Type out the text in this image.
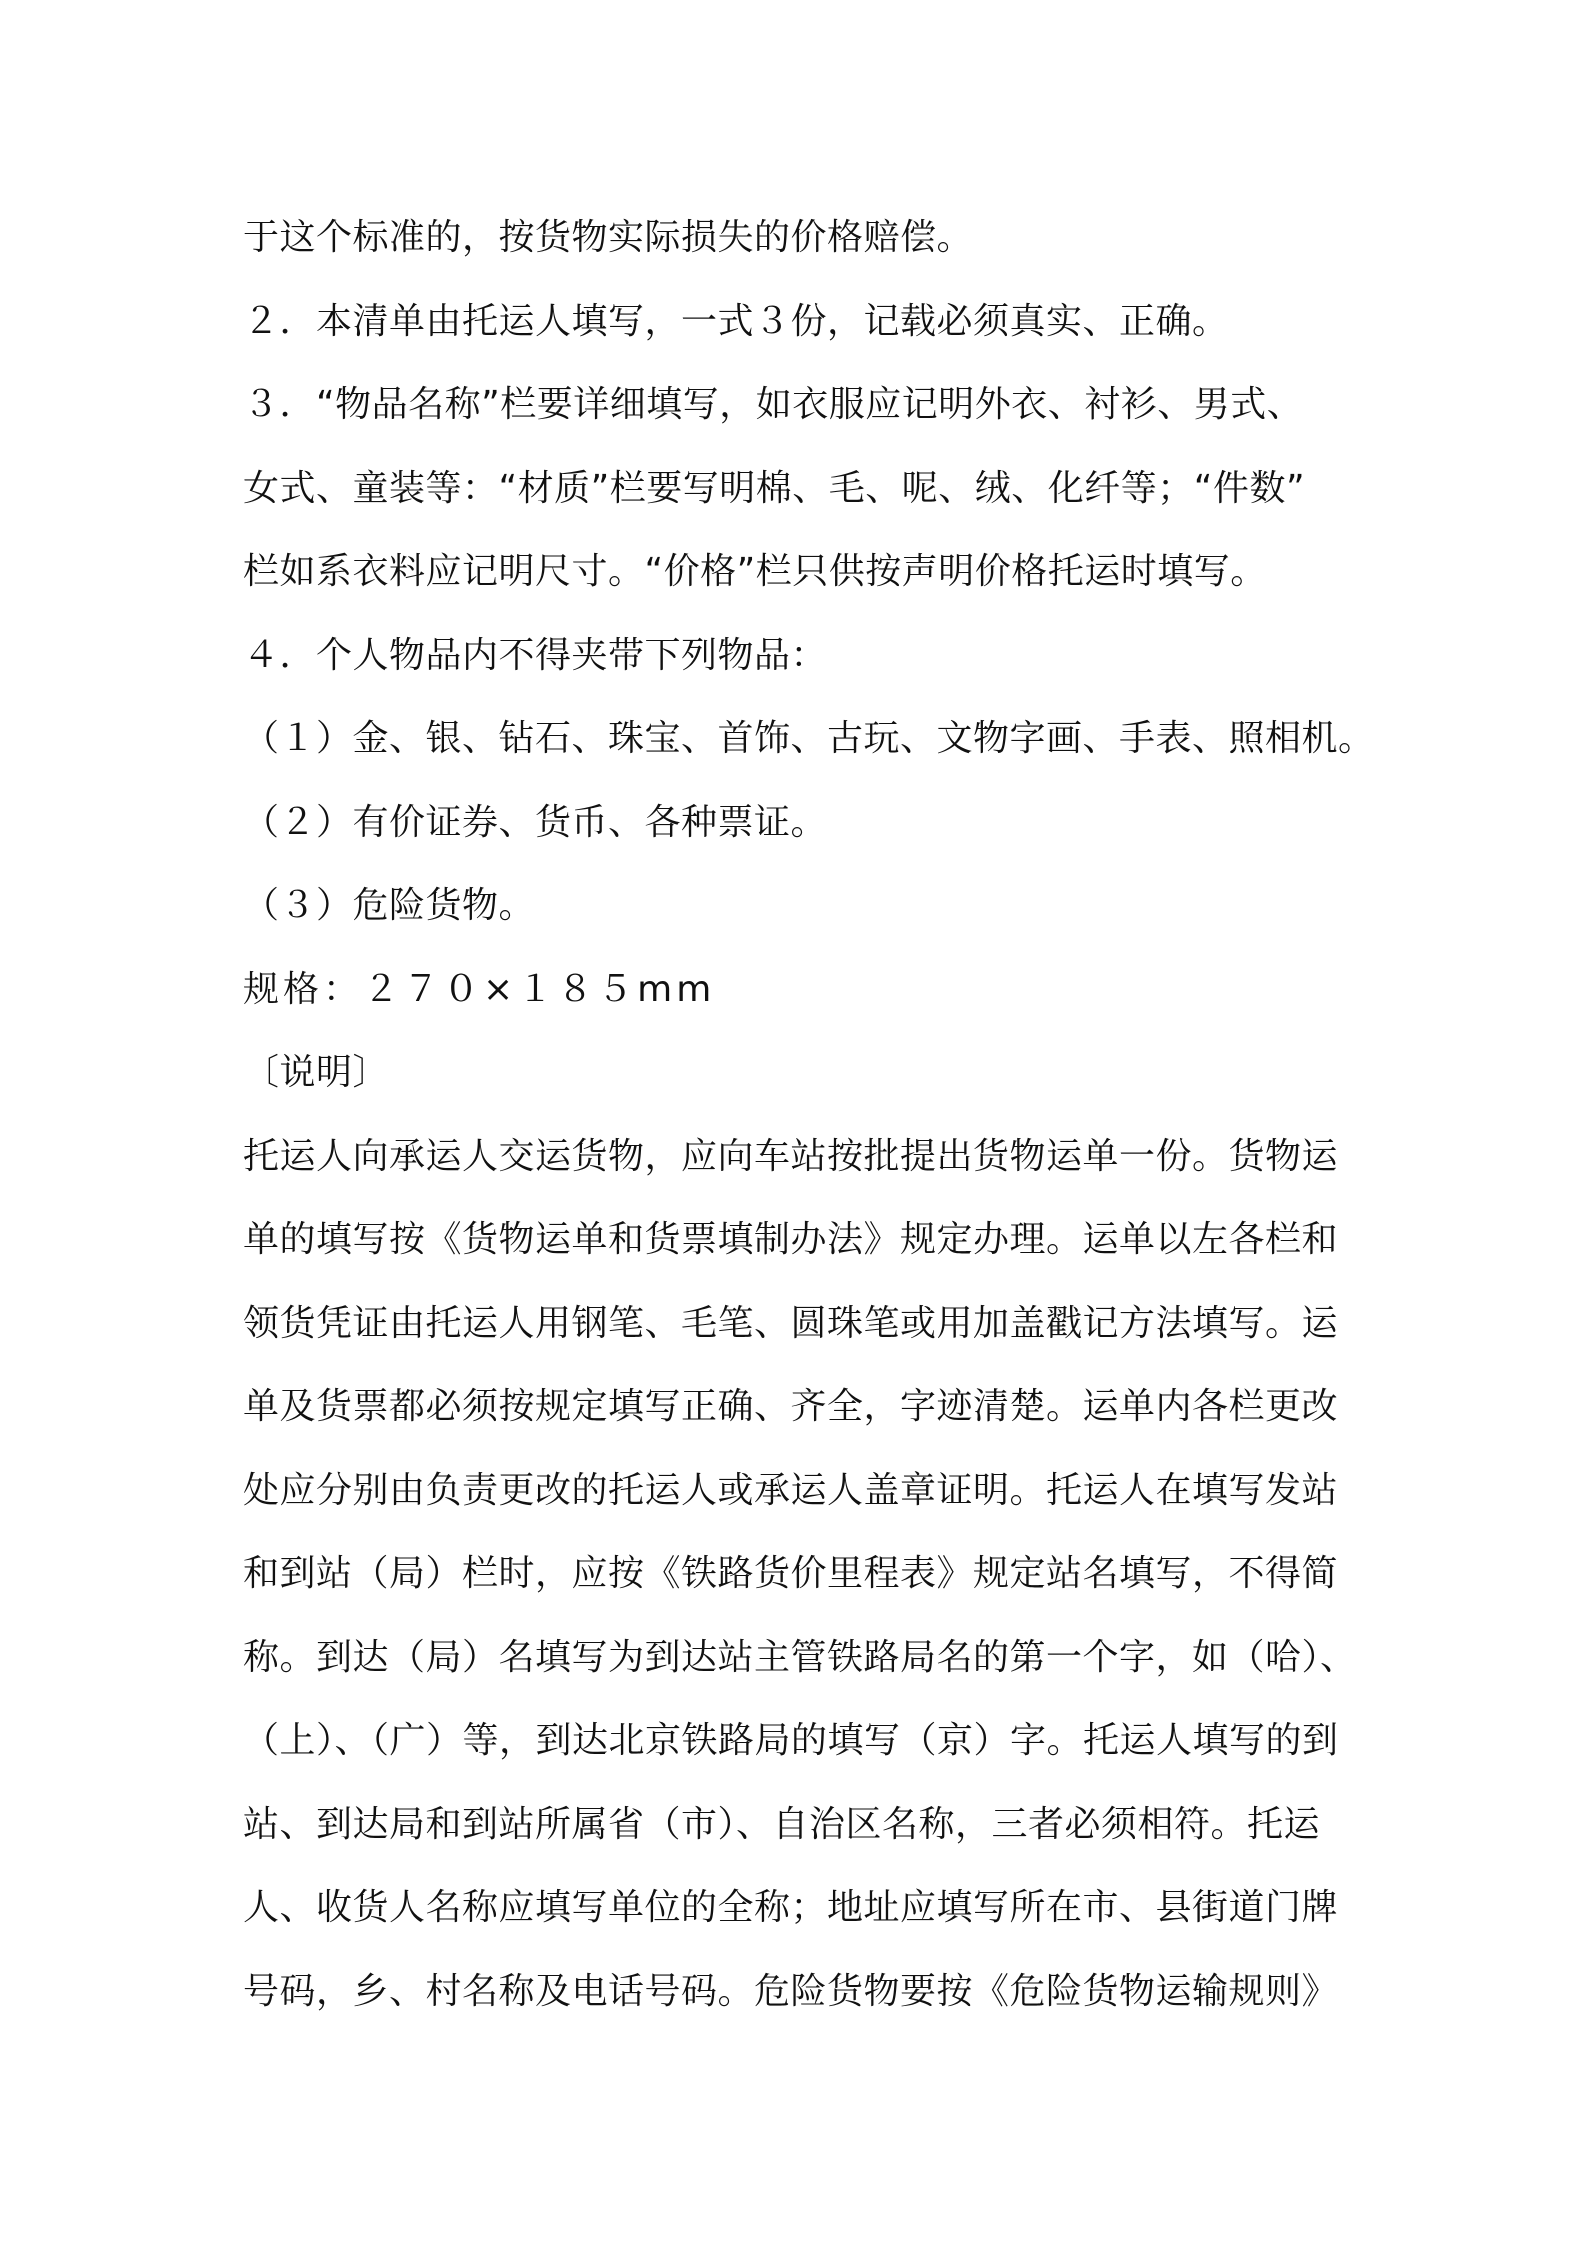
于这个标准的，按货物实际损失的价格赔偿。
２．本清单由托运人填写，一式３份，记载必须真实、正确。
３．“物品名称”栏要详细填写，如衣服应记明外衣、衬衫、男式、
女式、童装等：“材质”栏要写明棉、毛、呢、绒、化纤等；“件数”
栏如系衣料应记明尺寸。“价格”栏只供按声明价格托运时填写。
４．个人物品内不得夹带下列物品：
（１）金、银、钻石、珠宝、首饰、古玩、文物字画、手表、照相机。
（２）有价证券、货币、各种票证。
（３）危险货物。
规格：２７０×１８５mm
〔说明〕
托运人向承运人交运货物，应向车站按批提出货物运单一份。货物运
单的填写按《货物运单和货票填制办法》规定办理。运单以左各栏和
领货凭证由托运人用钢笔、毛笔、圆珠笔或用加盖戳记方法填写。运
单及货票都必须按规定填写正确、齐全，字迹清楚。运单内各栏更改
处应分别由负责更改的托运人或承运人盖章证明。托运人在填写发站
和到站（局）栏时，应按《铁路货价里程表》规定站名填写，不得简
称。到达（局）名填写为到达站主管铁路局名的第一个字，如（哈）、
（上）、（广）等，到达北京铁路局的填写（京）字。托运人填写的到
站、到达局和到站所属省（市）、自治区名称，三者必须相符。托运
人、收货人名称应填写单位的全称；地址应填写所在市、县街道门牌
号码，乡、村名称及电话号码。危险货物要按《危险货物运输规则》
